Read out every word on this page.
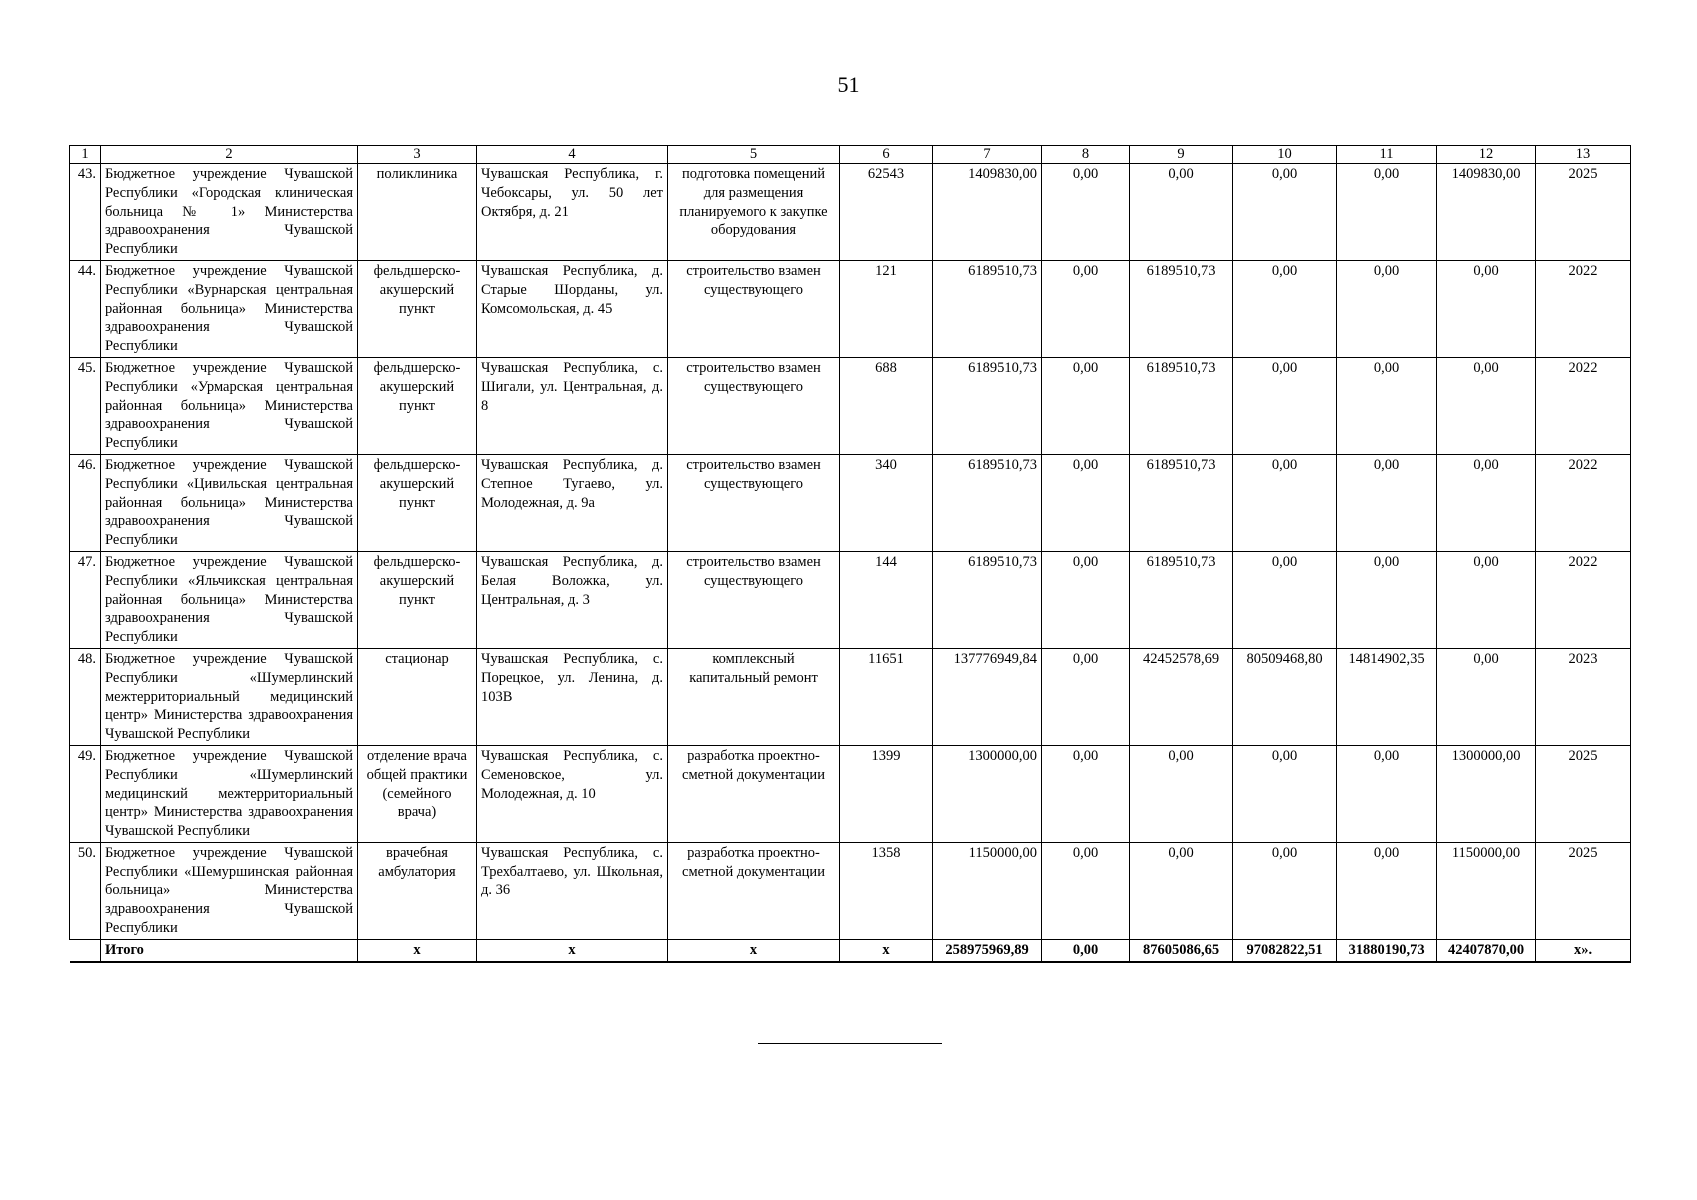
51
1	2	3	4	5	6	7	8	9	10	11	12	13
43.	Бюджетное учреждение Чувашской Республики «Городская клиническая больница № 1» Министерства здравоохранения Чувашской Республики	поликлиника	Чувашская Республика, г. Чебоксары, ул. 50 лет Октября, д. 21	подготовка помещений для размещения планируемого к закупке оборудования	62543	1409830,00	0,00	0,00	0,00	0,00	1409830,00	2025
44.	Бюджетное учреждение Чувашской Республики «Вурнарская центральная районная больница» Министерства здравоохранения Чувашской Республики	фельдшерско-акушерский пункт	Чувашская Республика, д. Старые Шорданы, ул. Комсомольская, д. 45	строительство взамен существующего	121	6189510,73	0,00	6189510,73	0,00	0,00	0,00	2022
45.	Бюджетное учреждение Чувашской Республики «Урмарская центральная районная больница» Министерства здравоохранения Чувашской Республики	фельдшерско-акушерский пункт	Чувашская Республика, с. Шигали, ул. Центральная, д. 8	строительство взамен существующего	688	6189510,73	0,00	6189510,73	0,00	0,00	0,00	2022
46.	Бюджетное учреждение Чувашской Республики «Цивильская центральная районная больница» Министерства здравоохранения Чувашской Республики	фельдшерско-акушерский пункт	Чувашская Республика, д. Степное Тугаево, ул. Молодежная, д. 9а	строительство взамен существующего	340	6189510,73	0,00	6189510,73	0,00	0,00	0,00	2022
47.	Бюджетное учреждение Чувашской Республики «Яльчикская центральная районная больница» Министерства здравоохранения Чувашской Республики	фельдшерско-акушерский пункт	Чувашская Республика, д. Белая Воложка, ул. Центральная, д. 3	строительство взамен существующего	144	6189510,73	0,00	6189510,73	0,00	0,00	0,00	2022
48.	Бюджетное учреждение Чувашской Республики «Шумерлинский межтерриториальный медицинский центр» Министерства здравоохранения Чувашской Республики	стационар	Чувашская Республика, с. Порецкое, ул. Ленина, д. 103В	комплексный капитальный ремонт	11651	137776949,84	0,00	42452578,69	80509468,80	14814902,35	0,00	2023
49.	Бюджетное учреждение Чувашской Республики «Шумерлинский медицинский межтерриториальный центр» Министерства здравоохранения Чувашской Республики	отделение врача общей практики (семейного врача)	Чувашская Республика, с. Семеновское, ул. Молодежная, д. 10	разработка проектно-сметной документации	1399	1300000,00	0,00	0,00	0,00	0,00	1300000,00	2025
50.	Бюджетное учреждение Чувашской Республики «Шемуршинская районная больница» Министерства здравоохранения Чувашской Республики	врачебная амбулатория	Чувашская Республика, с. Трехбалтаево, ул. Школьная, д. 36	разработка проектно-сметной документации	1358	1150000,00	0,00	0,00	0,00	0,00	1150000,00	2025
	Итого	х	х	х	х	258975969,89	0,00	87605086,65	97082822,51	31880190,73	42407870,00	х».
